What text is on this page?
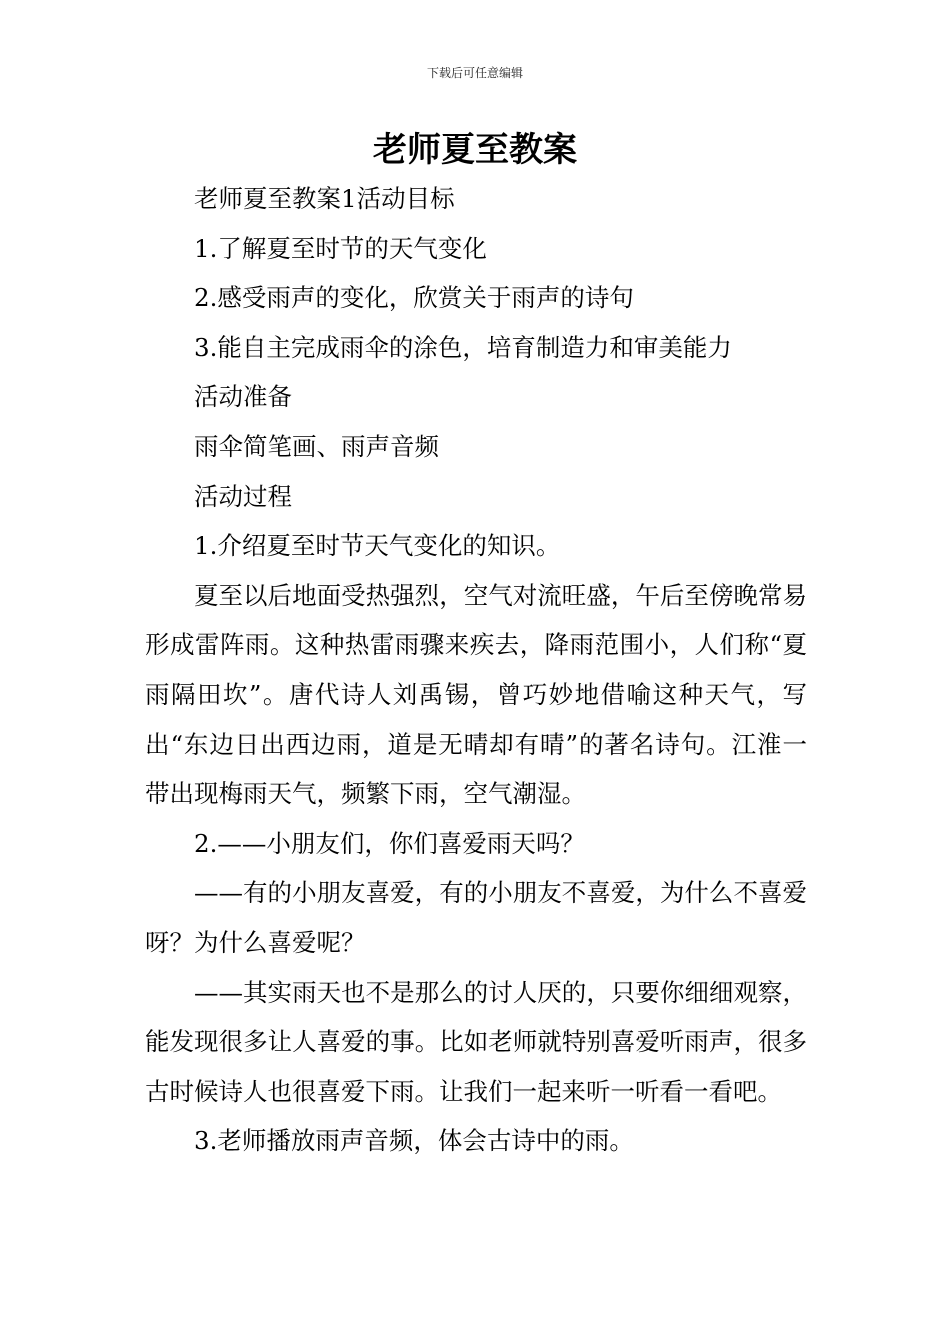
下载后可任意编辑
老师夏至教案

老师夏至教案1活动目标

1.了解夏至时节的天气变化

2.感受雨声的变化，欣赏关于雨声的诗句

3.能自主完成雨伞的涂色，培育制造力和审美能力

活动准备

雨伞简笔画、雨声音频

活动过程

1.介绍夏至时节天气变化的知识。

夏至以后地面受热强烈，空气对流旺盛，午后至傍晚常易形成雷阵雨。这种热雷雨骤来疾去，降雨范围小，人们称“夏雨隔田坎”。唐代诗人刘禹锡，曾巧妙地借喻这种天气，写出“东边日出西边雨，道是无晴却有晴”的著名诗句。江淮一带出现梅雨天气，频繁下雨，空气潮湿。

2.——小朋友们，你们喜爱雨天吗？

——有的小朋友喜爱，有的小朋友不喜爱，为什么不喜爱呀？为什么喜爱呢？

——其实雨天也不是那么的讨人厌的，只要你细细观察，能发现很多让人喜爱的事。比如老师就特别喜爱听雨声，很多古时候诗人也很喜爱下雨。让我们一起来听一听看一看吧。

3.老师播放雨声音频，体会古诗中的雨。
